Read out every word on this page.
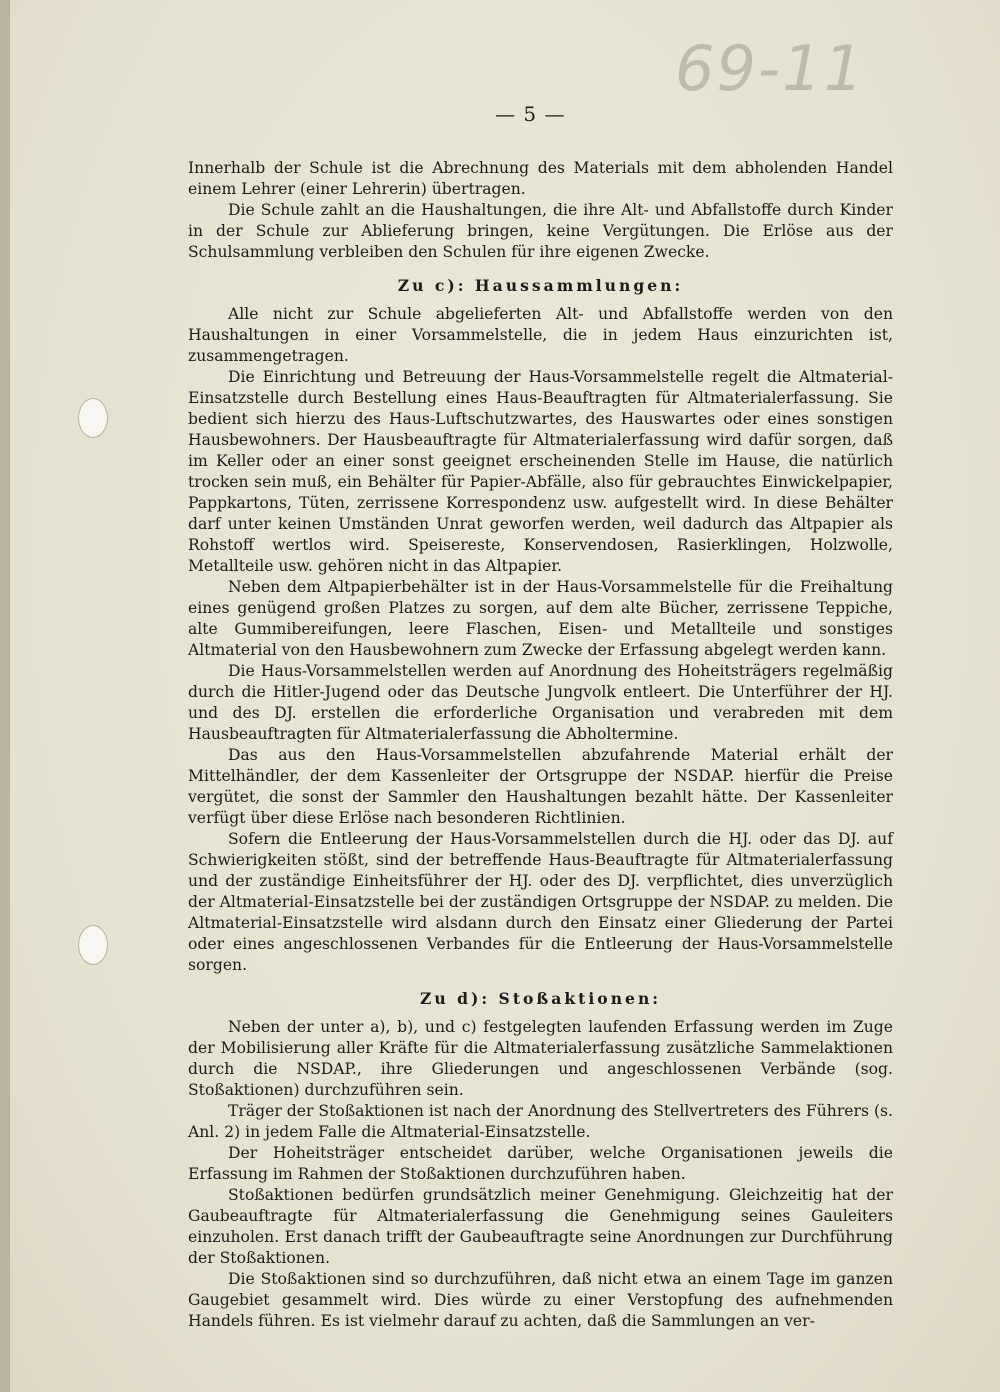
69-11
— 5 —

Innerhalb der Schule ist die Abrechnung des Materials mit dem abholenden Handel einem Lehrer (einer Lehrerin) übertragen.

Die Schule zahlt an die Haushaltungen, die ihre Alt- und Abfallstoffe durch Kinder in der Schule zur Ablieferung bringen, keine Vergütungen. Die Erlöse aus der Schulsammlung verbleiben den Schulen für ihre eigenen Zwecke.

Zu c): Haussammlungen:

Alle nicht zur Schule abgelieferten Alt- und Abfallstoffe werden von den Haushaltungen in einer Vorsammelstelle, die in jedem Haus einzurichten ist, zusammengetragen.

Die Einrichtung und Betreuung der Haus-Vorsammelstelle regelt die Altmaterial-Einsatzstelle durch Bestellung eines Haus-Beauftragten für Altmaterialerfassung. Sie bedient sich hierzu des Haus-Luftschutzwartes, des Hauswartes oder eines sonstigen Hausbewohners. Der Hausbeauftragte für Altmaterialerfassung wird dafür sorgen, daß im Keller oder an einer sonst geeignet erscheinenden Stelle im Hause, die natürlich trocken sein muß, ein Behälter für Papier-Abfälle, also für gebrauchtes Einwickelpapier, Pappkartons, Tüten, zerrissene Korrespondenz usw. aufgestellt wird. In diese Behälter darf unter keinen Umständen Unrat geworfen werden, weil dadurch das Altpapier als Rohstoff wertlos wird. Speisereste, Konservendosen, Rasierklingen, Holzwolle, Metallteile usw. gehören nicht in das Altpapier.

Neben dem Altpapierbehälter ist in der Haus-Vorsammelstelle für die Freihaltung eines genügend großen Platzes zu sorgen, auf dem alte Bücher, zerrissene Teppiche, alte Gummibereifungen, leere Flaschen, Eisen- und Metallteile und sonstiges Altmaterial von den Hausbewohnern zum Zwecke der Erfassung abgelegt werden kann.

Die Haus-Vorsammelstellen werden auf Anordnung des Hoheitsträgers regelmäßig durch die Hitler-Jugend oder das Deutsche Jungvolk entleert. Die Unterführer der HJ. und des DJ. erstellen die erforderliche Organisation und verabreden mit dem Hausbeauftragten für Altmaterialerfassung die Abholtermine.

Das aus den Haus-Vorsammelstellen abzufahrende Material erhält der Mittelhändler, der dem Kassenleiter der Ortsgruppe der NSDAP. hierfür die Preise vergütet, die sonst der Sammler den Haushaltungen bezahlt hätte. Der Kassenleiter verfügt über diese Erlöse nach besonderen Richtlinien.

Sofern die Entleerung der Haus-Vorsammelstellen durch die HJ. oder das DJ. auf Schwierigkeiten stößt, sind der betreffende Haus-Beauftragte für Altmaterialerfassung und der zuständige Einheitsführer der HJ. oder des DJ. verpflichtet, dies unverzüglich der Altmaterial-Einsatzstelle bei der zuständigen Ortsgruppe der NSDAP. zu melden. Die Altmaterial-Einsatzstelle wird alsdann durch den Einsatz einer Gliederung der Partei oder eines angeschlossenen Verbandes für die Entleerung der Haus-Vorsammelstelle sorgen.

Zu d): Stoßaktionen:

Neben der unter a), b), und c) festgelegten laufenden Erfassung werden im Zuge der Mobilisierung aller Kräfte für die Altmaterialerfassung zusätzliche Sammelaktionen durch die NSDAP., ihre Gliederungen und angeschlossenen Verbände (sog. Stoßaktionen) durchzuführen sein.

Träger der Stoßaktionen ist nach der Anordnung des Stellvertreters des Führers (s. Anl. 2) in jedem Falle die Altmaterial-Einsatzstelle.

Der Hoheitsträger entscheidet darüber, welche Organisationen jeweils die Erfassung im Rahmen der Stoßaktionen durchzuführen haben.

Stoßaktionen bedürfen grundsätzlich meiner Genehmigung. Gleichzeitig hat der Gaubeauftragte für Altmaterialerfassung die Genehmigung seines Gauleiters einzuholen. Erst danach trifft der Gaubeauftragte seine Anordnungen zur Durchführung der Stoßaktionen.

Die Stoßaktionen sind so durchzuführen, daß nicht etwa an einem Tage im ganzen Gaugebiet gesammelt wird. Dies würde zu einer Verstopfung des aufnehmenden Handels führen. Es ist vielmehr darauf zu achten, daß die Sammlungen an ver-
